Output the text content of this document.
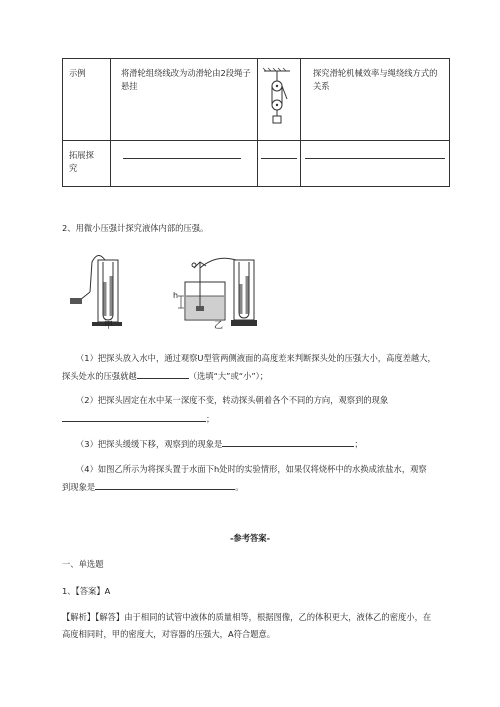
示例	将滑轮组绕线改为动滑轮由2段绳子悬挂		探究滑轮机械效率与绳绕线方式的关系

拓展探究			

2、用微小压强计探究液体内部的压强。
甲	乙
h
（1）把探头放入水中，通过观察U型管两侧液面的高度差来判断探头处的压强大小，高度差越大，
探头处水的压强就越	（选填“大”或“小”）；
（2）把探头固定在水中某一深度不变，转动探头朝着各个不同的方向，观察到的现象
；
（3）把探头缓缓下移，观察到的现象是	；
（4）如图乙所示为将探头置于水面下h处时的实验情形，如果仅将烧杯中的水换成浓盐水，观察
到现象是	。
-参考答案-
一、单选题
1、【答案】A
【解析】【解答】由于相同的试管中液体的质量相等，根据图像，乙的体积更大，液体乙的密度小，在
高度相同时，甲的密度大，对容器的压强大，A符合题意。
